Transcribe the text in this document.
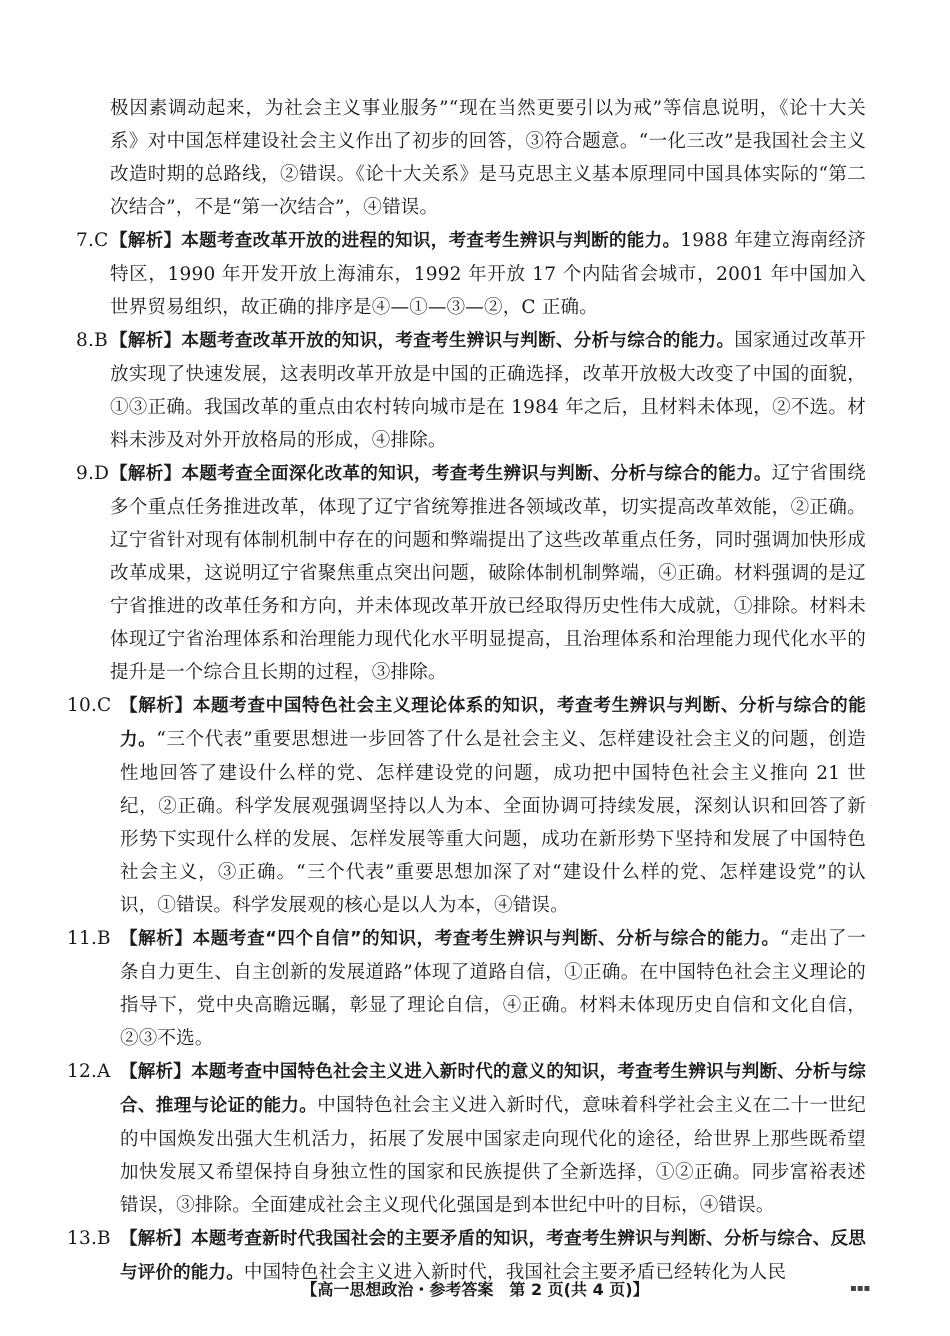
极因素调动起来，为社会主义事业服务”“现在当然更要引以为戒”等信息说明，《论十大关系》对中国怎样建设社会主义作出了初步的回答，③符合题意。“一化三改”是我国社会主义改造时期的总路线，②错误。《论十大关系》是马克思主义基本原理同中国具体实际的“第二次结合”，不是“第一次结合”，④错误。
7.C 【解析】本题考查改革开放的进程的知识，考查考生辨识与判断的能力。1988 年建立海南经济特区，1990 年开发开放上海浦东，1992 年开放 17 个内陆省会城市，2001 年中国加入世界贸易组织，故正确的排序是④—①—③—②，C 正确。
8.B 【解析】本题考查改革开放的知识，考查考生辨识与判断、分析与综合的能力。国家通过改革开放实现了快速发展，这表明改革开放是中国的正确选择，改革开放极大改变了中国的面貌，①③正确。我国改革的重点由农村转向城市是在 1984 年之后，且材料未体现，②不选。材料未涉及对外开放格局的形成，④排除。
9.D 【解析】本题考查全面深化改革的知识，考查考生辨识与判断、分析与综合的能力。辽宁省围绕多个重点任务推进改革，体现了辽宁省统筹推进各领域改革，切实提高改革效能，②正确。辽宁省针对现有体制机制中存在的问题和弊端提出了这些改革重点任务，同时强调加快形成改革成果，这说明辽宁省聚焦重点突出问题，破除体制机制弊端，④正确。材料强调的是辽宁省推进的改革任务和方向，并未体现改革开放已经取得历史性伟大成就，①排除。材料未体现辽宁省治理体系和治理能力现代化水平明显提高，且治理体系和治理能力现代化水平的提升是一个综合且长期的过程，③排除。
10.C 【解析】本题考查中国特色社会主义理论体系的知识，考查考生辨识与判断、分析与综合的能力。“三个代表”重要思想进一步回答了什么是社会主义、怎样建设社会主义的问题，创造性地回答了建设什么样的党、怎样建设党的问题，成功把中国特色社会主义推向 21 世纪，②正确。科学发展观强调坚持以人为本、全面协调可持续发展，深刻认识和回答了新形势下实现什么样的发展、怎样发展等重大问题，成功在新形势下坚持和发展了中国特色社会主义，③正确。“三个代表”重要思想加深了对“建设什么样的党、怎样建设党”的认识，①错误。科学发展观的核心是以人为本，④错误。
11.B 【解析】本题考查“四个自信”的知识，考查考生辨识与判断、分析与综合的能力。“走出了一条自力更生、自主创新的发展道路”体现了道路自信，①正确。在中国特色社会主义理论的指导下，党中央高瞻远瞩，彰显了理论自信，④正确。材料未体现历史自信和文化自信，②③不选。
12.A 【解析】本题考查中国特色社会主义进入新时代的意义的知识，考查考生辨识与判断、分析与综合、推理与论证的能力。中国特色社会主义进入新时代，意味着科学社会主义在二十一世纪的中国焕发出强大生机活力，拓展了发展中国家走向现代化的途径，给世界上那些既希望加快发展又希望保持自身独立性的国家和民族提供了全新选择，①②正确。同步富裕表述错误，③排除。全面建成社会主义现代化强国是到本世纪中叶的目标，④错误。
13.B 【解析】本题考查新时代我国社会的主要矛盾的知识，考查考生辨识与判断、分析与综合、反思与评价的能力。中国特色社会主义进入新时代，我国社会主要矛盾已经转化为人民
【高一思想政治・参考答案　第 2 页(共 4 页)】	▪▪▪
